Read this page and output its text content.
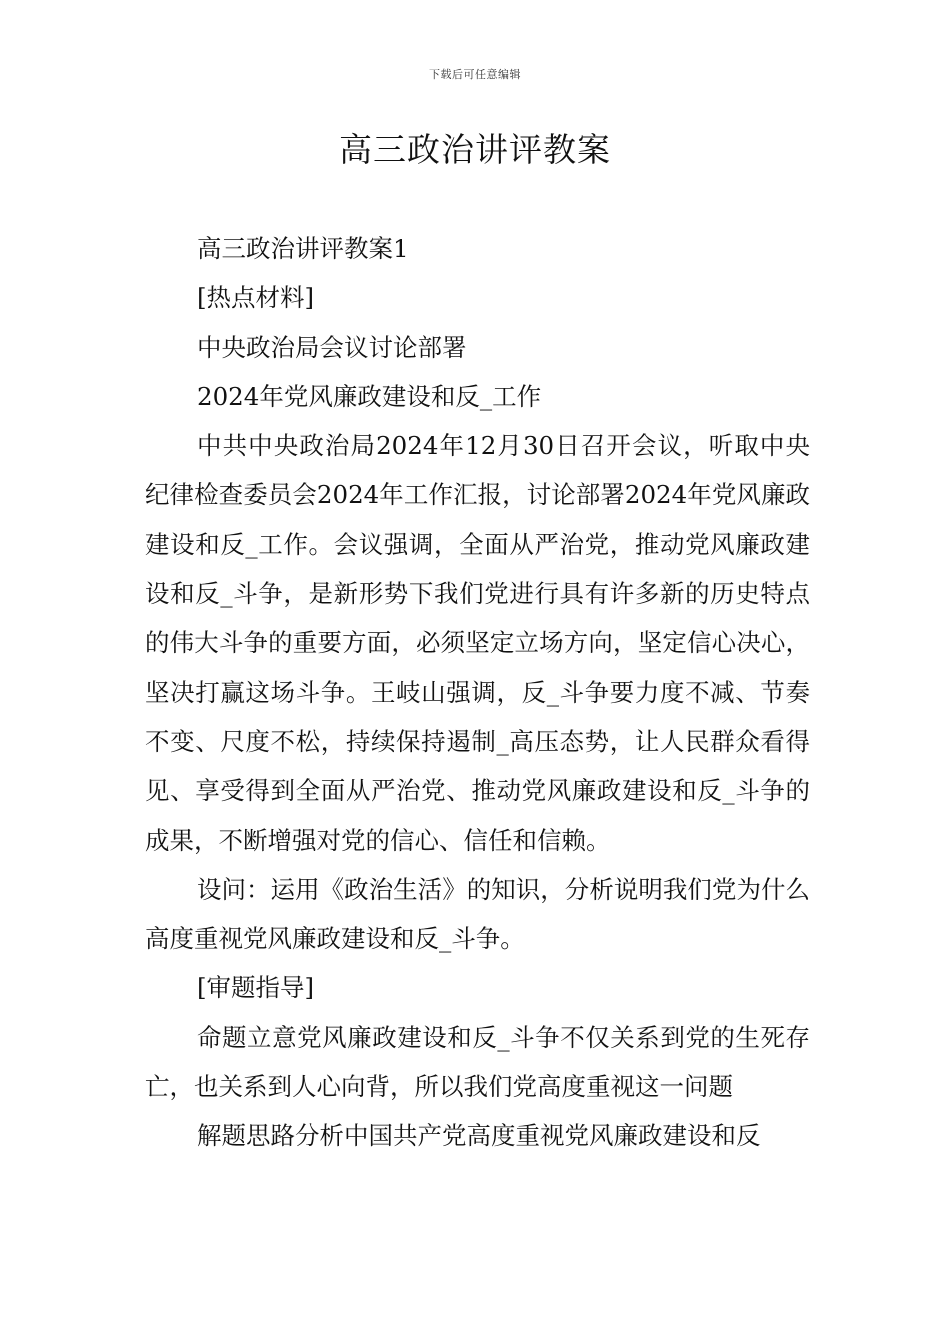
下载后可任意编辑
高三政治讲评教案

高三政治讲评教案1

[热点材料]

中央政治局会议讨论部署

2024年党风廉政建设和反_工作

中共中央政治局2024年12月30日召开会议，听取中央纪律检查委员会2024年工作汇报，讨论部署2024年党风廉政建设和反_工作。会议强调，全面从严治党，推动党风廉政建设和反_斗争，是新形势下我们党进行具有许多新的历史特点的伟大斗争的重要方面，必须坚定立场方向，坚定信心决心，坚决打赢这场斗争。王岐山强调，反_斗争要力度不减、节奏不变、尺度不松，持续保持遏制_高压态势，让人民群众看得见、享受得到全面从严治党、推动党风廉政建设和反_斗争的成果，不断增强对党的信心、信任和信赖。

设问：运用《政治生活》的知识，分析说明我们党为什么高度重视党风廉政建设和反_斗争。

[审题指导]

命题立意党风廉政建设和反_斗争不仅关系到党的生死存亡，也关系到人心向背，所以我们党高度重视这一问题

解题思路分析中国共产党高度重视党风廉政建设和反
